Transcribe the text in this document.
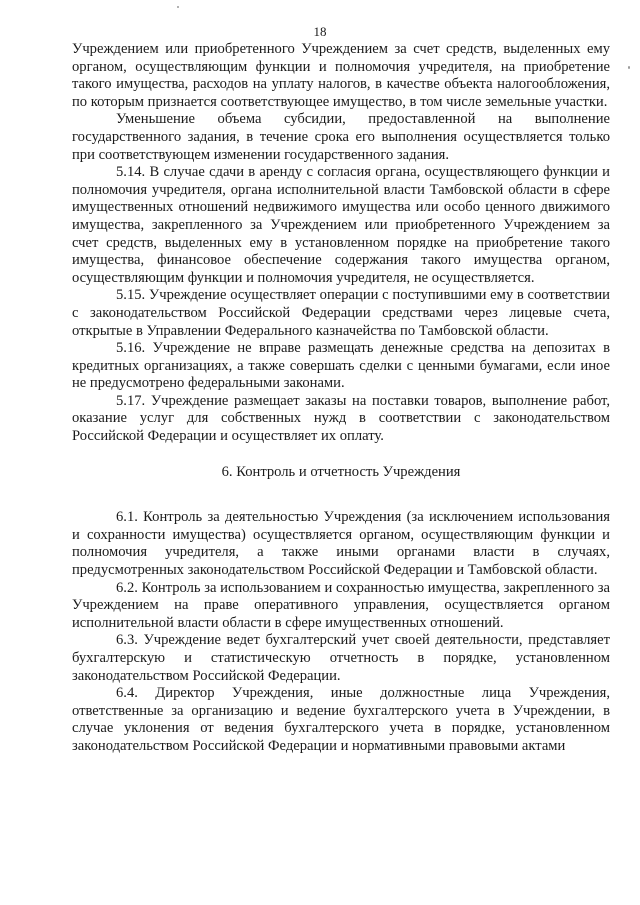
18

Учреждением или приобретенного Учреждением за счет средств, выделенных ему органом, осуществляющим функции и полномочия учредителя, на приобретение такого имущества, расходов на уплату налогов, в качестве объекта налогообложения, по которым признается соответствующее имущество, в том числе земельные участки.

Уменьшение объема субсидии, предоставленной на выполнение государственного задания, в течение срока его выполнения осуществляется только при соответствующем изменении государственного задания.

5.14. В случае сдачи в аренду с согласия органа, осуществляющего функции и полномочия учредителя, органа исполнительной власти Тамбовской области в сфере имущественных отношений недвижимого имущества или особо ценного движимого имущества, закрепленного за Учреждением или приобретенного Учреждением за счет средств, выделенных ему в установленном порядке на приобретение такого имущества, финансовое обеспечение содержания такого имущества органом, осуществляющим функции и полномочия учредителя, не осуществляется.

5.15. Учреждение осуществляет операции с поступившими ему в соответствии с законодательством Российской Федерации средствами через лицевые счета, открытые в Управлении Федерального казначейства по Тамбовской области.

5.16. Учреждение не вправе размещать денежные средства на депозитах в кредитных организациях, а также совершать сделки с ценными бумагами, если иное не предусмотрено федеральными законами.

5.17. Учреждение размещает заказы на поставки товаров, выполнение работ, оказание услуг для собственных нужд в соответствии с законодательством Российской Федерации и осуществляет их оплату.

6. Контроль и отчетность Учреждения

6.1. Контроль за деятельностью Учреждения (за исключением использования и сохранности имущества) осуществляется органом, осуществляющим функции и полномочия учредителя, а также иными органами власти в случаях, предусмотренных законодательством Российской Федерации и Тамбовской области.

6.2. Контроль за использованием и сохранностью имущества, закрепленного за Учреждением на праве оперативного управления, осуществляется органом исполнительной власти области в сфере имущественных отношений.

6.3. Учреждение ведет бухгалтерский учет своей деятельности, представляет бухгалтерскую и статистическую отчетность в порядке, установленном законодательством Российской Федерации.

6.4. Директор Учреждения, иные должностные лица Учреждения, ответственные за организацию и ведение бухгалтерского учета в Учреждении, в случае уклонения от ведения бухгалтерского учета в порядке, установленном законодательством Российской Федерации и нормативными правовыми актами
